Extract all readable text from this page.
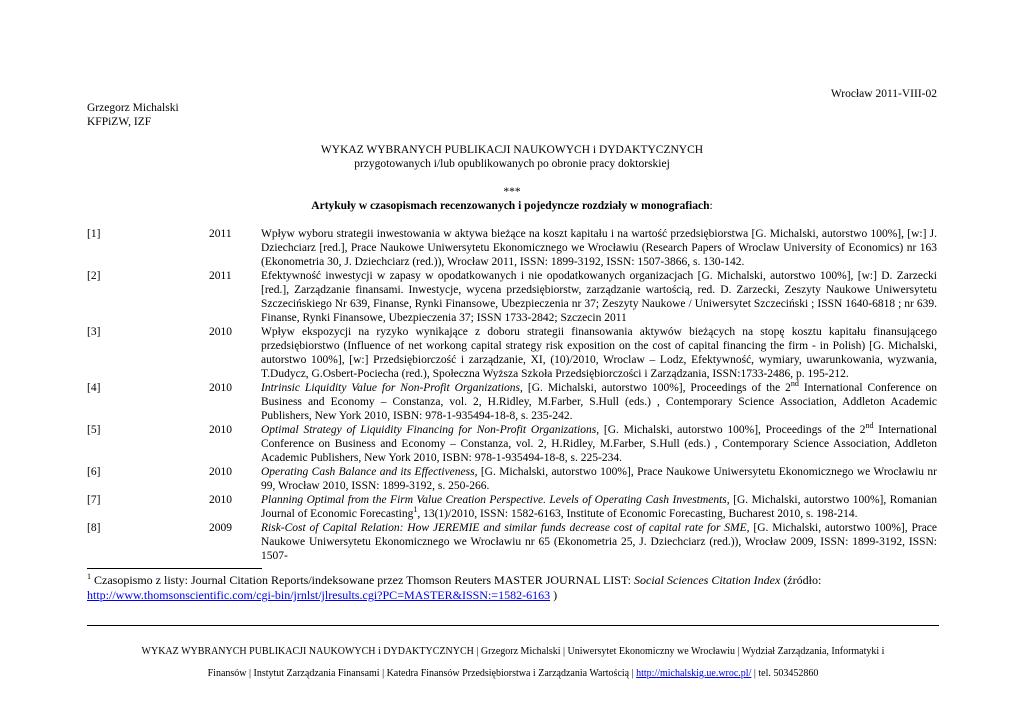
Wrocław 2011-VIII-02
Grzegorz Michalski
KFPiZW, IZF
WYKAZ WYBRANYCH PUBLIKACJI NAUKOWYCH i DYDAKTYCZNYCH
przygotowanych i/lub opublikowanych po obronie pracy doktorskiej
***
Artykuły w czasopismach recenzowanych i pojedyncze rozdziały w monografiach:
[1]	2011	Wpływ wyboru strategii inwestowania w aktywa bieżące na koszt kapitału i na wartość przedsiębiorstwa [G. Michalski, autorstwo 100%], [w:] J. Dziechciarz [red.], Prace Naukowe Uniwersytetu Ekonomicznego we Wrocławiu (Research Papers of Wroclaw University of Economics) nr 163 (Ekonometria 30, J. Dziechciarz (red.)), Wrocław 2011, ISSN: 1899-3192, ISSN: 1507-3866, s. 130-142.
[2]	2011	Efektywność inwestycji w zapasy w opodatkowanych i nie opodatkowanych organizacjach [G. Michalski, autorstwo 100%], [w:] D. Zarzecki [red.], Zarządzanie finansami. Inwestycje, wycena przedsiębiorstw, zarządzanie wartością, red. D. Zarzecki, Zeszyty Naukowe Uniwersytetu Szczecińskiego Nr 639, Finanse, Rynki Finansowe, Ubezpieczenia nr 37; Zeszyty Naukowe / Uniwersytet Szczeciński ; ISSN 1640-6818 ; nr 639. Finanse, Rynki Finansowe, Ubezpieczenia 37; ISSN 1733-2842; Szczecin 2011
[3]	2010	Wpływ ekspozycji na ryzyko wynikające z doboru strategii finansowania aktywów bieżących na stopę kosztu kapitału finansującego przedsiębiorstwo (Influence of net workong capital strategy risk exposition on the cost of capital financing the firm - in Polish) [G. Michalski, autorstwo 100%], [w:] Przedsiębiorczość i zarządzanie, XI, (10)/2010, Wroclaw – Lodz, Efektywność, wymiary, uwarunkowania, wyzwania, T.Dudycz, G.Osbert-Pociecha (red.), Społeczna Wyższa Szkoła Przedsiębiorczości i Zarządzania, ISSN:1733-2486, p. 195-212.
[4]	2010	Intrinsic Liquidity Value for Non-Profit Organizations, [G. Michalski, autorstwo 100%], Proceedings of the 2nd International Conference on Business and Economy – Constanza, vol. 2, H.Ridley, M.Farber, S.Hull (eds.) , Contemporary Science Association, Addleton Academic Publishers, New York 2010, ISBN: 978-1-935494-18-8, s. 235-242.
[5]	2010	Optimal Strategy of Liquidity Financing for Non-Profit Organizations, [G. Michalski, autorstwo 100%], Proceedings of the 2nd International Conference on Business and Economy – Constanza, vol. 2, H.Ridley, M.Farber, S.Hull (eds.) , Contemporary Science Association, Addleton Academic Publishers, New York 2010, ISBN: 978-1-935494-18-8, s. 225-234.
[6]	2010	Operating Cash Balance and its Effectiveness, [G. Michalski, autorstwo 100%], Prace Naukowe Uniwersytetu Ekonomicznego we Wrocławiu nr 99, Wrocław 2010, ISSN: 1899-3192, s. 250-266.
[7]	2010	Planning Optimal from the Firm Value Creation Perspective. Levels of Operating Cash Investments, [G. Michalski, autorstwo 100%], Romanian Journal of Economic Forecasting$^1$, 13(1)/2010, ISSN: 1582-6163, Institute of Economic Forecasting, Bucharest 2010, s. 198-214.
[8]	2009	Risk-Cost of Capital Relation: How JEREMIE and similar funds decrease cost of capital rate for SME, [G. Michalski, autorstwo 100%], Prace Naukowe Uniwersytetu Ekonomicznego we Wrocławiu nr 65 (Ekonometria 25, J. Dziechciarz (red.)), Wrocław 2009, ISSN: 1899-3192, ISSN: 1507-
$^1$ Czasopismo z listy: Journal Citation Reports/indeksowane przez Thomson Reuters MASTER JOURNAL LIST: Social Sciences Citation Index (źródło:
http://www.thomsonscientific.com/cgi-bin/jrnlst/jlresults.cgi?PC=MASTER&ISSN:=1582-6163 )
WYKAZ WYBRANYCH PUBLIKACJI NAUKOWYCH i DYDAKTYCZNYCH | Grzegorz Michalski | Uniwersytet Ekonomiczny we Wrocławiu | Wydział Zarządzania, Informatyki i
Finansów | Instytut Zarządzania Finansami | Katedra Finansów Przedsiębiorstwa i Zarządzania Wartością | http://michalskig.ue.wroc.pl/ | tel. 503452860
